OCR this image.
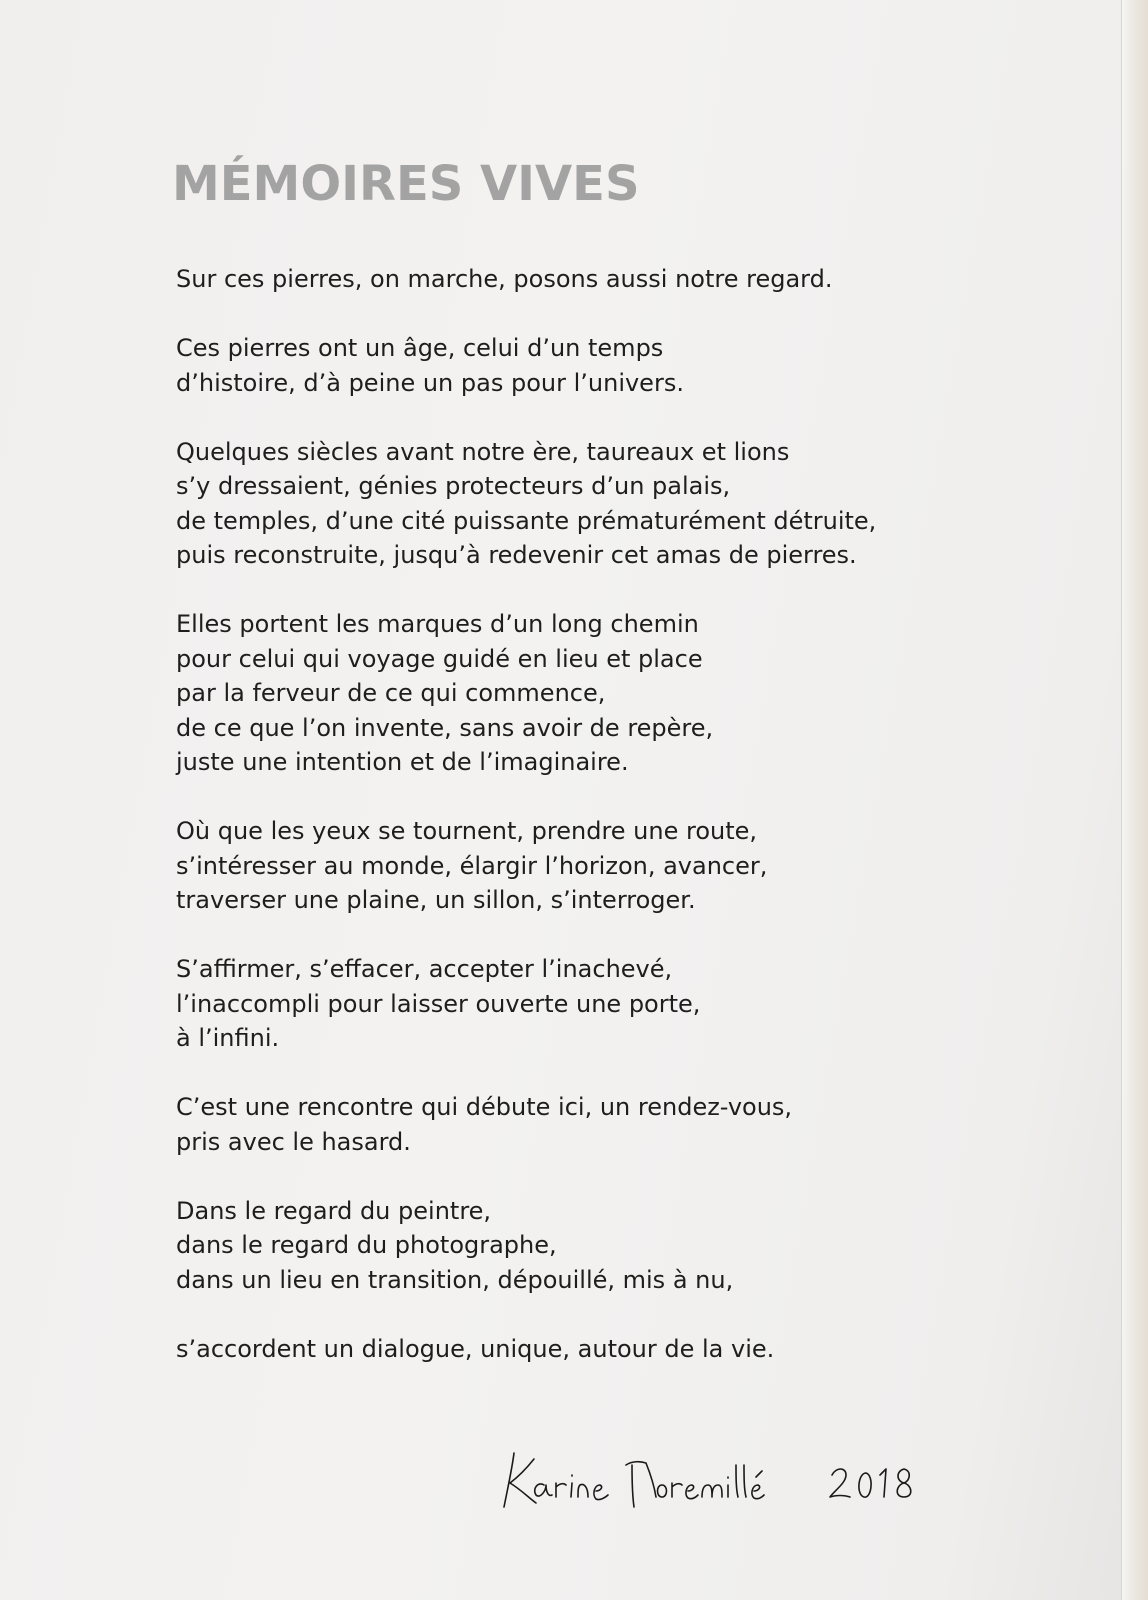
MÉMOIRES VIVES

Sur ces pierres, on marche, posons aussi notre regard.

Ces pierres ont un âge, celui d’un temps
d’histoire, d’à peine un pas pour l’univers.

Quelques siècles avant notre ère, taureaux et lions
s’y dressaient, génies protecteurs d’un palais,
de temples, d’une cité puissante prématurément détruite,
puis reconstruite, jusqu’à redevenir cet amas de pierres.

Elles portent les marques d’un long chemin
pour celui qui voyage guidé en lieu et place
par la ferveur de ce qui commence,
de ce que l’on invente, sans avoir de repère,
juste une intention et de l’imaginaire.

Où que les yeux se tournent, prendre une route,
s’intéresser au monde, élargir l’horizon, avancer,
traverser une plaine, un sillon, s’interroger.

S’affirmer, s’effacer, accepter l’inachevé,
l’inaccompli pour laisser ouverte une porte,
à l’infini.

C’est une rencontre qui débute ici, un rendez-vous,
pris avec le hasard.

Dans le regard du peintre,
dans le regard du photographe,
dans un lieu en transition, dépouillé, mis à nu,

s’accordent un dialogue, unique, autour de la vie.
